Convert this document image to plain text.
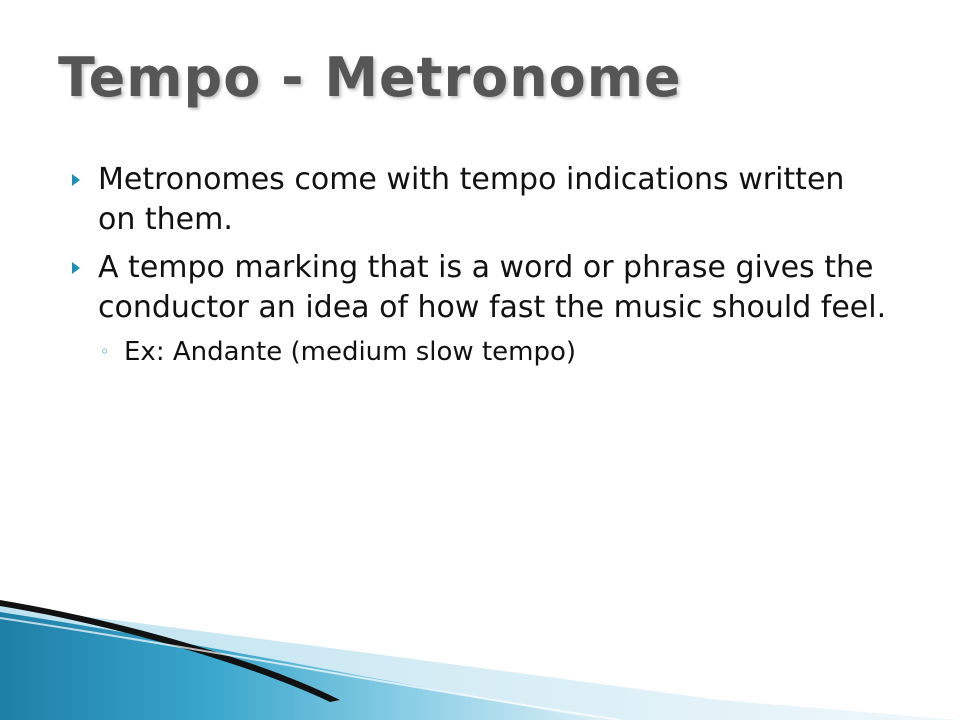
Tempo - Metronome
Metronomes come with tempo indications written on them.
A tempo marking that is a word or phrase gives the conductor an idea of how fast the music should feel.
◦ Ex: Andante (medium slow tempo)
